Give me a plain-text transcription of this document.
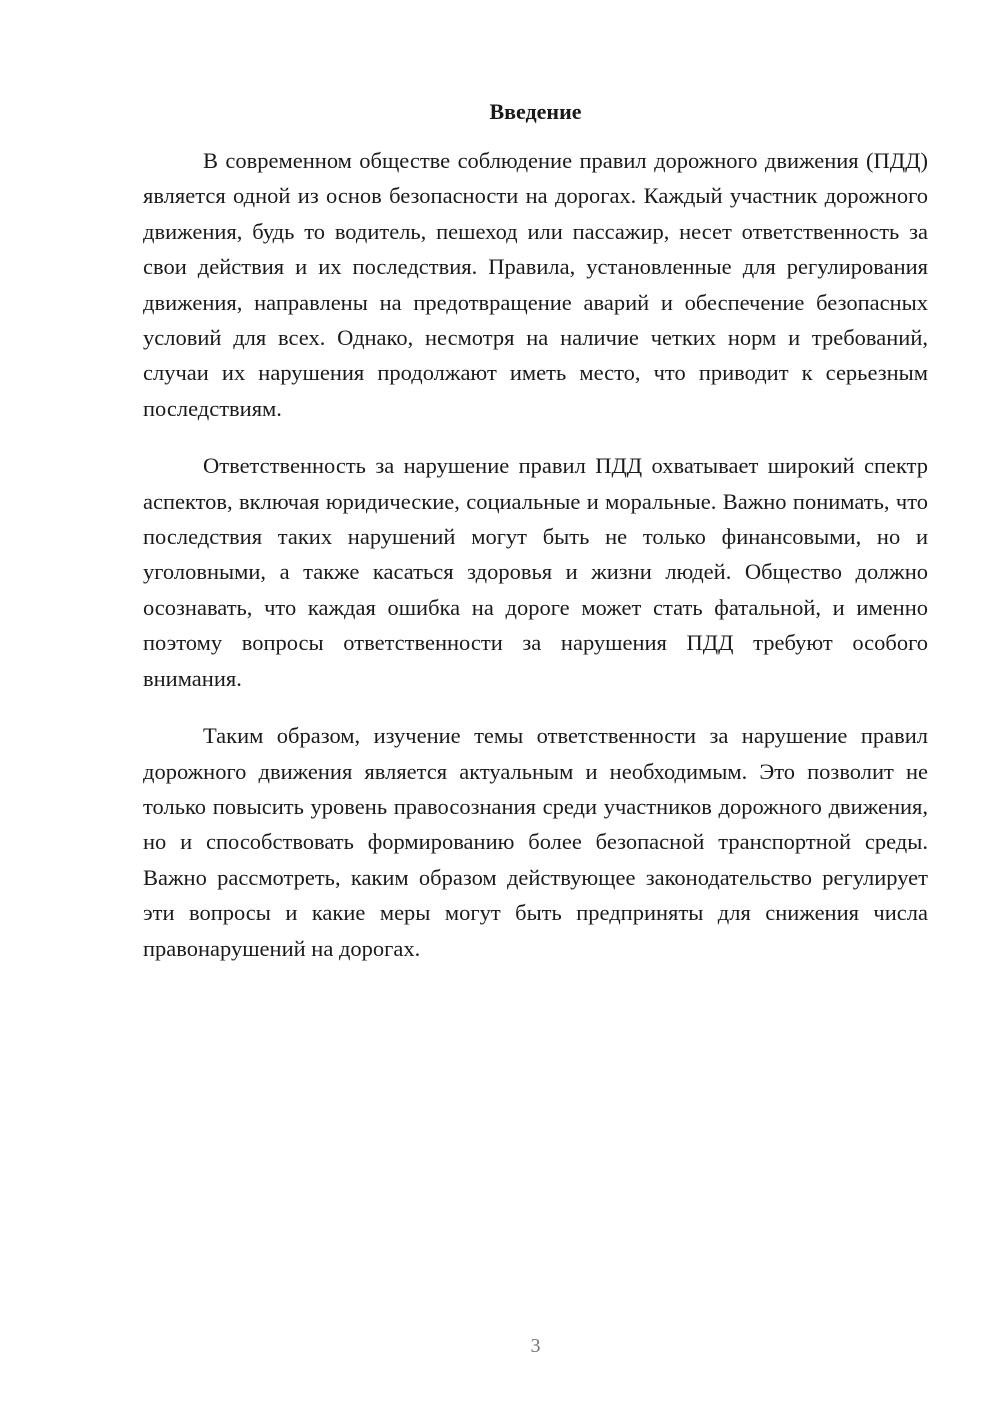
Введение

В современном обществе соблюдение правил дорожного движения (ПДД) является одной из основ безопасности на дорогах. Каждый участник дорожного движения, будь то водитель, пешеход или пассажир, несет ответственность за свои действия и их последствия. Правила, установленные для регулирования движения, направлены на предотвращение аварий и обеспечение безопасных условий для всех. Однако, несмотря на наличие четких норм и требований, случаи их нарушения продолжают иметь место, что приводит к серьезным последствиям.

Ответственность за нарушение правил ПДД охватывает широкий спектр аспектов, включая юридические, социальные и моральные. Важно понимать, что последствия таких нарушений могут быть не только финансовыми, но и уголовными, а также касаться здоровья и жизни людей. Общество должно осознавать, что каждая ошибка на дороге может стать фатальной, и именно поэтому вопросы ответственности за нарушения ПДД требуют особого внимания.

Таким образом, изучение темы ответственности за нарушение правил дорожного движения является актуальным и необходимым. Это позволит не только повысить уровень правосознания среди участников дорожного движения, но и способствовать формированию более безопасной транспортной среды. Важно рассмотреть, каким образом действующее законодательство регулирует эти вопросы и какие меры могут быть предприняты для снижения числа правонарушений на дорогах.

3
